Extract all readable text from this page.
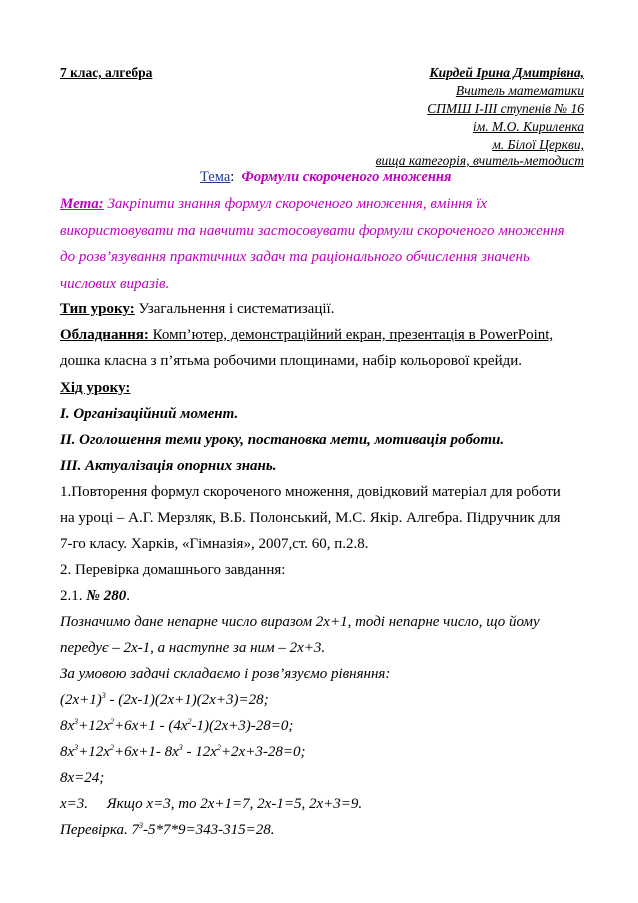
7 клас, алгебра	Кирдей Ірина Дмитрівна,
Вчитель математики
СПМШ І-ІІІ ступенів № 16
ім. М.О. Кириленка
м. Білої Церкви,
вища категорія, вчитель-методист
Тема: Формули скороченого множення
Мета: Закріпити знання формул скороченого множення, вміння їх
використовувати та навчити застосовувати формули скороченого множення
до розв’язування практичних задач та раціонального обчислення значень
числових виразів.
Тип уроку: Узагальнення і систематизації.
Обладнання: Комп’ютер, демонстраційний екран, презентація в PowerPoint,
дошка класна з п’ятьма робочими площинами, набір кольорової крейди.
Хід уроку:
І. Організаційний момент.
ІІ. Оголошення теми уроку, постановка мети, мотивація роботи.
ІІІ. Актуалізація опорних знань.
1.Повторення формул скороченого множення, довідковий матеріал для роботи
на уроці – А.Г. Мерзляк, В.Б. Полонський, М.С. Якір. Алгебра. Підручник для
7-го класу. Харків, «Гімназія», 2007,ст. 60, п.2.8.
2. Перевірка домашнього завдання:
2.1. № 280.
Позначимо дане непарне число виразом 2x+1, тоді непарне число, що йому
передує – 2x-1, а наступне за ним – 2x+3.
За умовою задачі складаємо і розв’язуємо рівняння:
$(2x+1)^3 - (2x-1)(2x+1)(2x+3)=28$;
$8x^3+12x^2+6x+1 - (4x^2-1)(2x+3)-28=0$;
$8x^3+12x^2+6x+1-$ $8x^3 - 12x^2+2x+3-28=0$;
8x=24;
x=3.     Якщо x=3, то 2x+1=7, 2x-1=5, 2x+3=9.
Перевірка. $7^3-5*7*9=343-315=28$.
